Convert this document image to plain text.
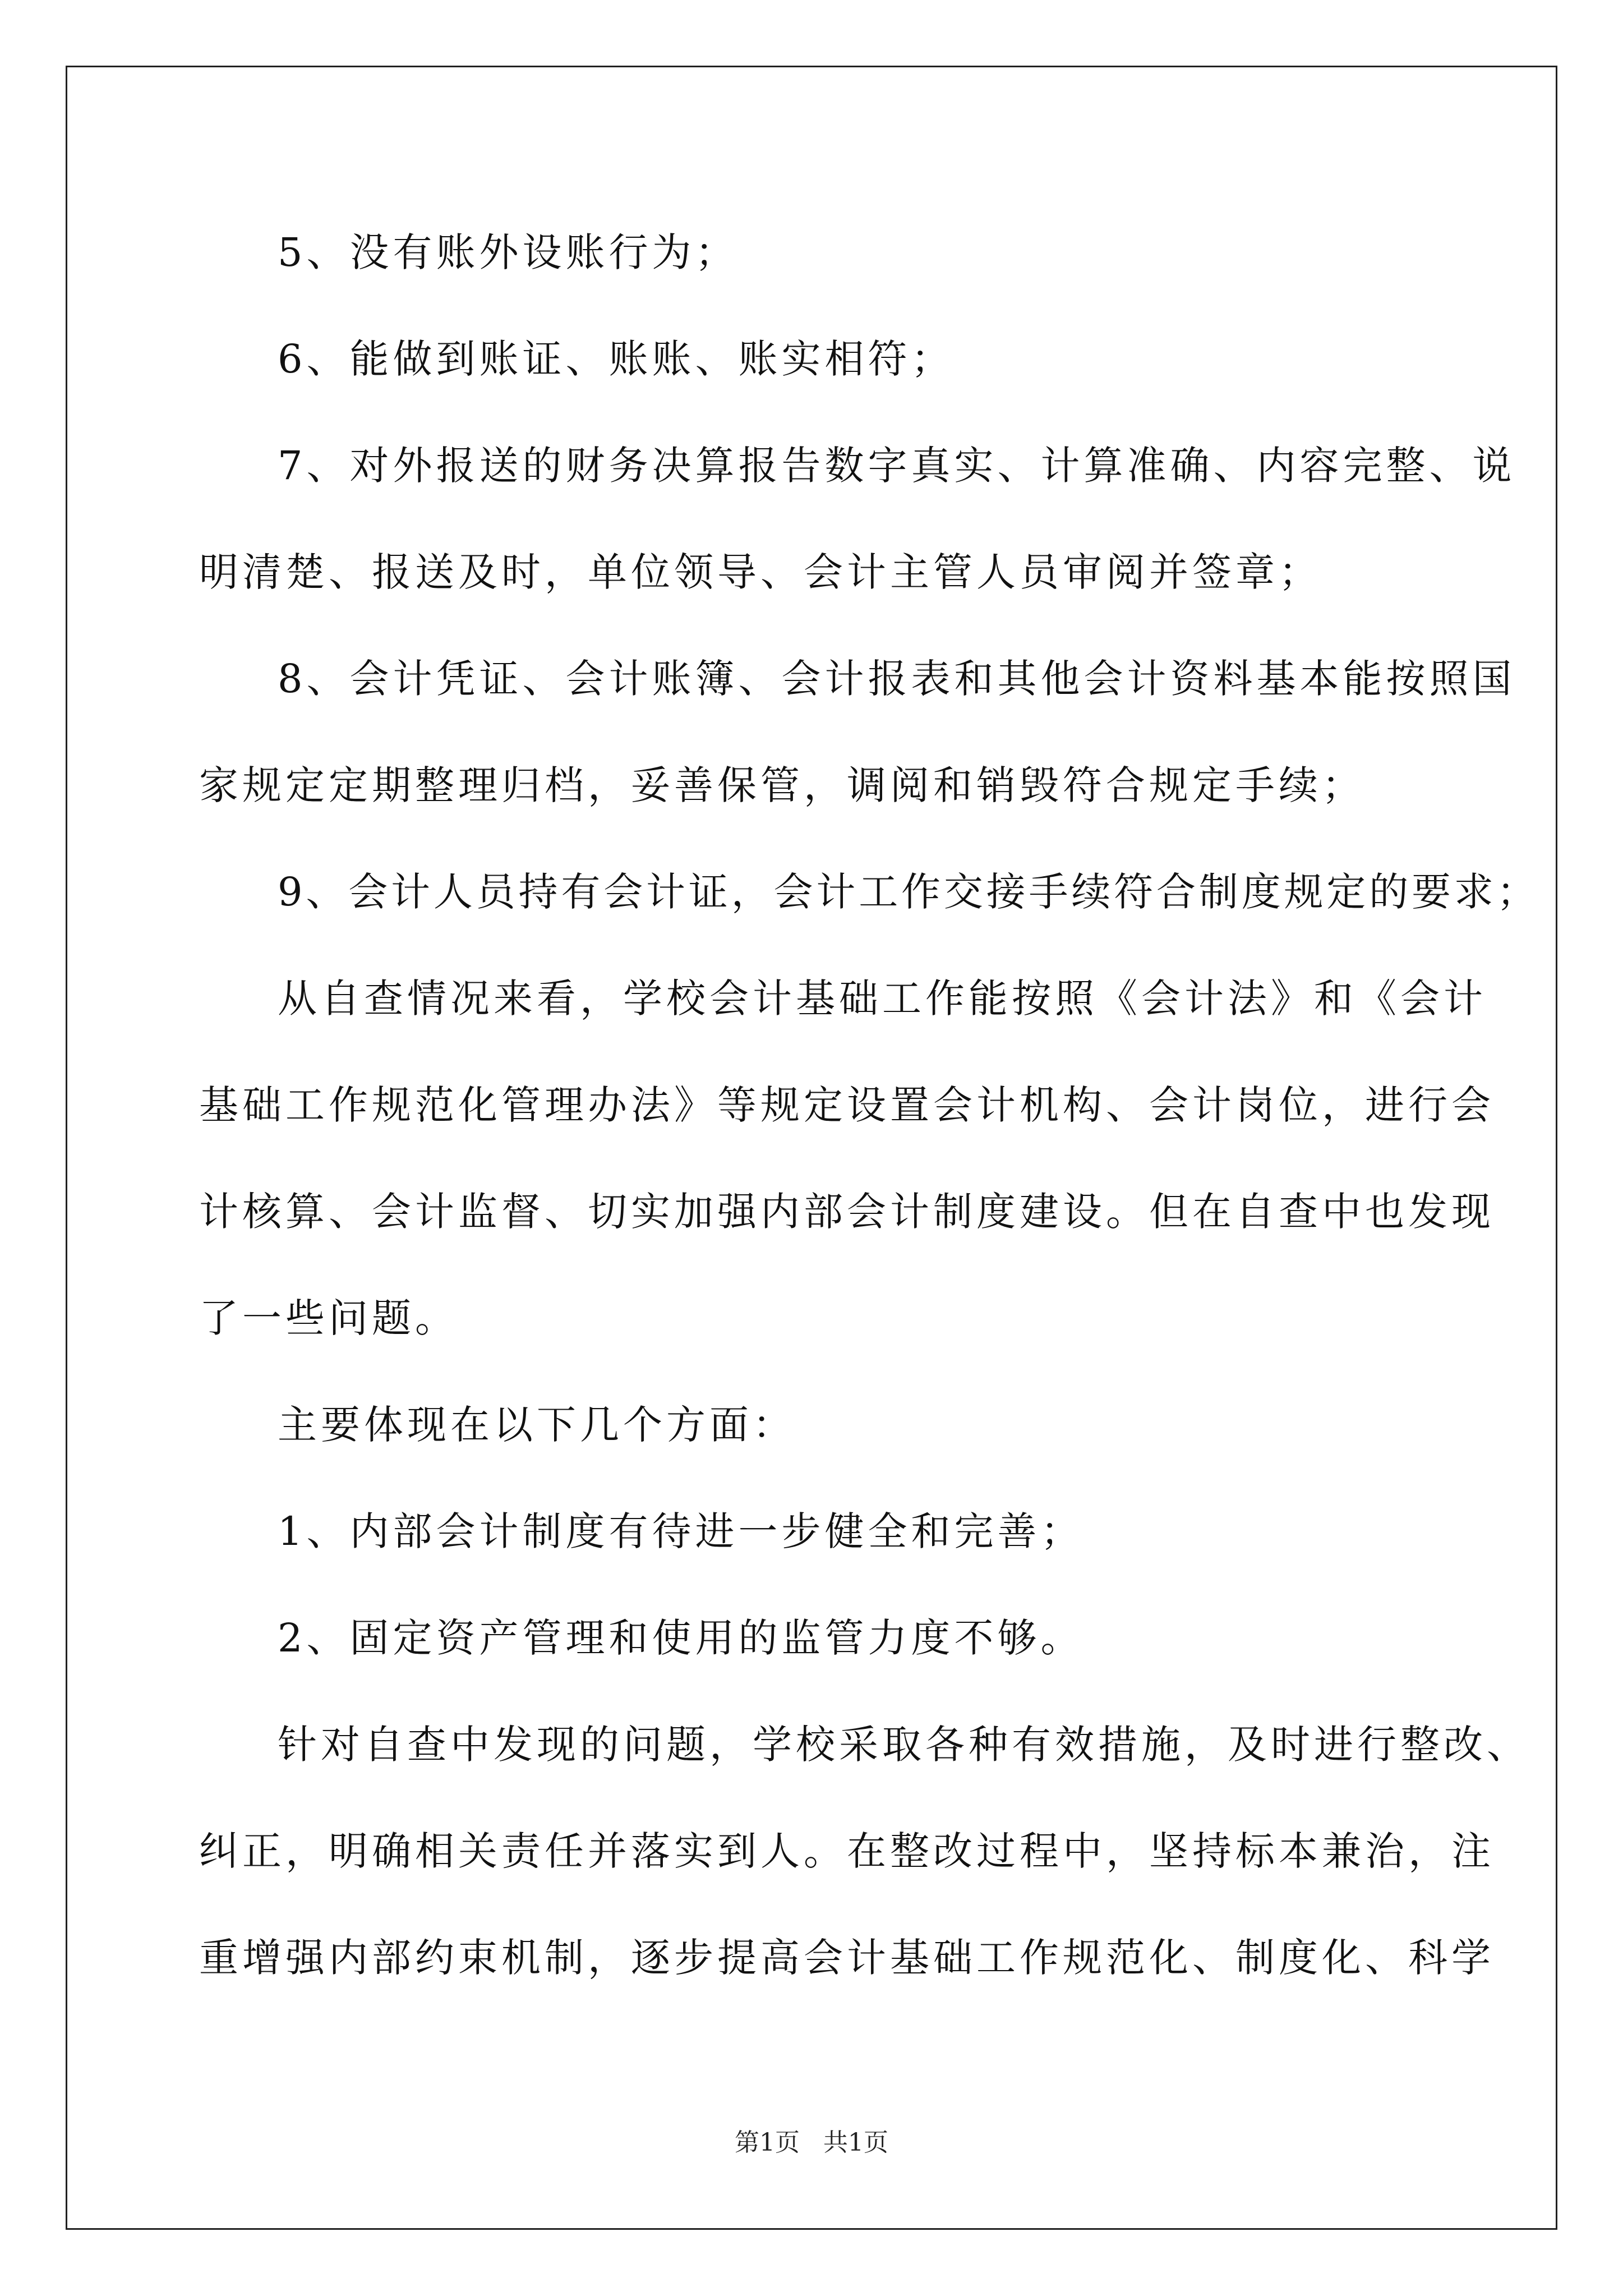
5、没有账外设账行为；
6、能做到账证、账账、账实相符；
7、对外报送的财务决算报告数字真实、计算准确、内容完整、说
明清楚、报送及时，单位领导、会计主管人员审阅并签章；
8、会计凭证、会计账簿、会计报表和其他会计资料基本能按照国
家规定定期整理归档，妥善保管，调阅和销毁符合规定手续；
9、会计人员持有会计证，会计工作交接手续符合制度规定的要求；
从自查情况来看，学校会计基础工作能按照《会计法》和《会计
基础工作规范化管理办法》等规定设置会计机构、会计岗位，进行会
计核算、会计监督、切实加强内部会计制度建设。但在自查中也发现
了一些问题。
主要体现在以下几个方面：
1、内部会计制度有待进一步健全和完善；
2、固定资产管理和使用的监管力度不够。
针对自查中发现的问题，学校采取各种有效措施，及时进行整改、
纠正，明确相关责任并落实到人。在整改过程中，坚持标本兼治，注
重增强内部约束机制，逐步提高会计基础工作规范化、制度化、科学
第1页   共1页
